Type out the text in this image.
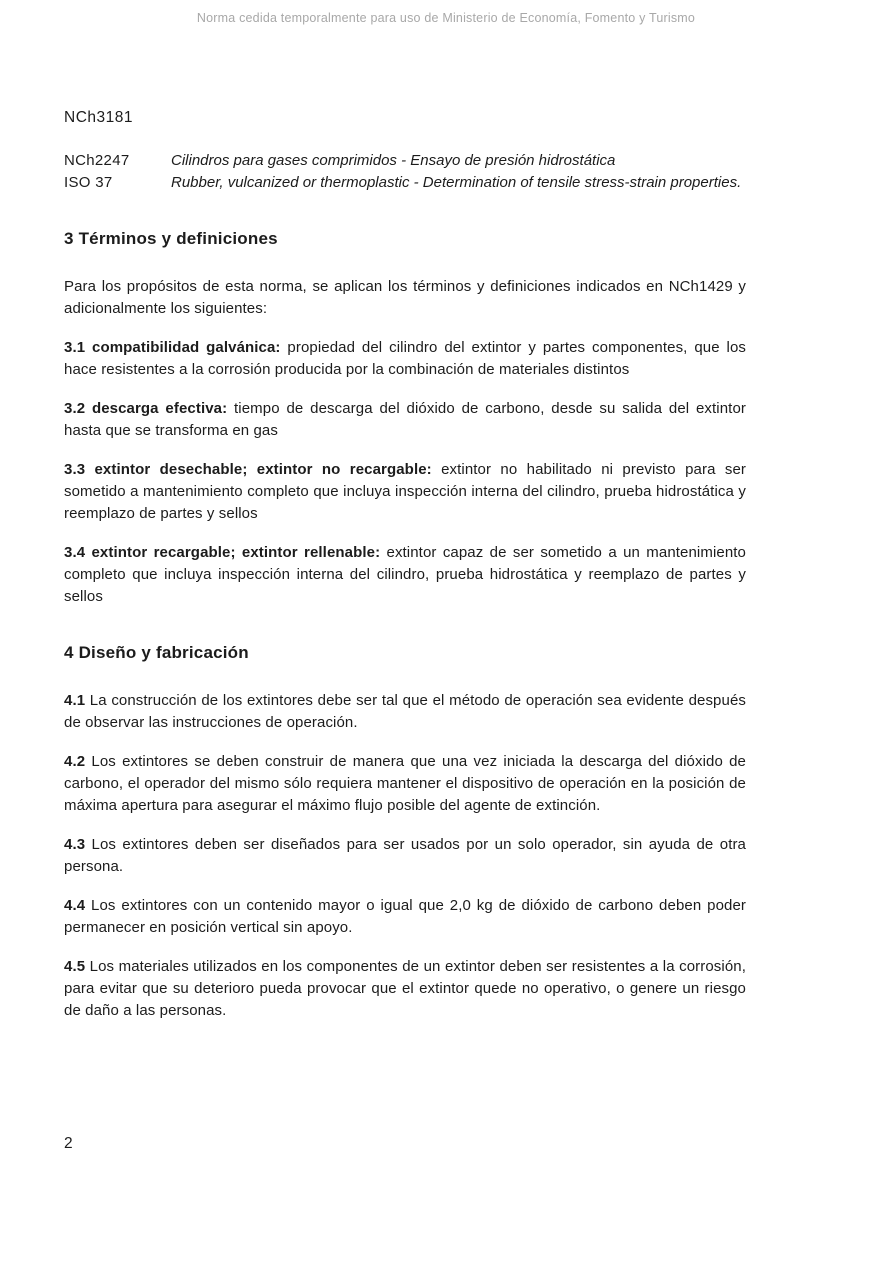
Norma cedida temporalmente para uso de Ministerio de Economía, Fomento y Turismo
NCh3181
NCh2247	Cilindros para gases comprimidos - Ensayo de presión hidrostática
ISO 37	Rubber, vulcanized or thermoplastic - Determination of tensile stress-strain properties.
3 Términos y definiciones

Para los propósitos de esta norma, se aplican los términos y definiciones indicados en NCh1429 y adicionalmente los siguientes:

3.1 compatibilidad galvánica: propiedad del cilindro del extintor y partes componentes, que los hace resistentes a la corrosión producida por la combinación de materiales distintos

3.2 descarga efectiva: tiempo de descarga del dióxido de carbono, desde su salida del extintor hasta que se transforma en gas

3.3 extintor desechable; extintor no recargable: extintor no habilitado ni previsto para ser sometido a mantenimiento completo que incluya inspección interna del cilindro, prueba hidrostática y reemplazo de partes y sellos

3.4 extintor recargable; extintor rellenable: extintor capaz de ser sometido a un mantenimiento completo que incluya inspección interna del cilindro, prueba hidrostática y reemplazo de partes y sellos

4 Diseño y fabricación

4.1 La construcción de los extintores debe ser tal que el método de operación sea evidente después de observar las instrucciones de operación.

4.2 Los extintores se deben construir de manera que una vez iniciada la descarga del dióxido de carbono, el operador del mismo sólo requiera mantener el dispositivo de operación en la posición de máxima apertura para asegurar el máximo flujo posible del agente de extinción.

4.3 Los extintores deben ser diseñados para ser usados por un solo operador, sin ayuda de otra persona.

4.4 Los extintores con un contenido mayor o igual que 2,0 kg de dióxido de carbono deben poder permanecer en posición vertical sin apoyo.

4.5 Los materiales utilizados en los componentes de un extintor deben ser resistentes a la corrosión, para evitar que su deterioro pueda provocar que el extintor quede no operativo, o genere un riesgo de daño a las personas.

2
